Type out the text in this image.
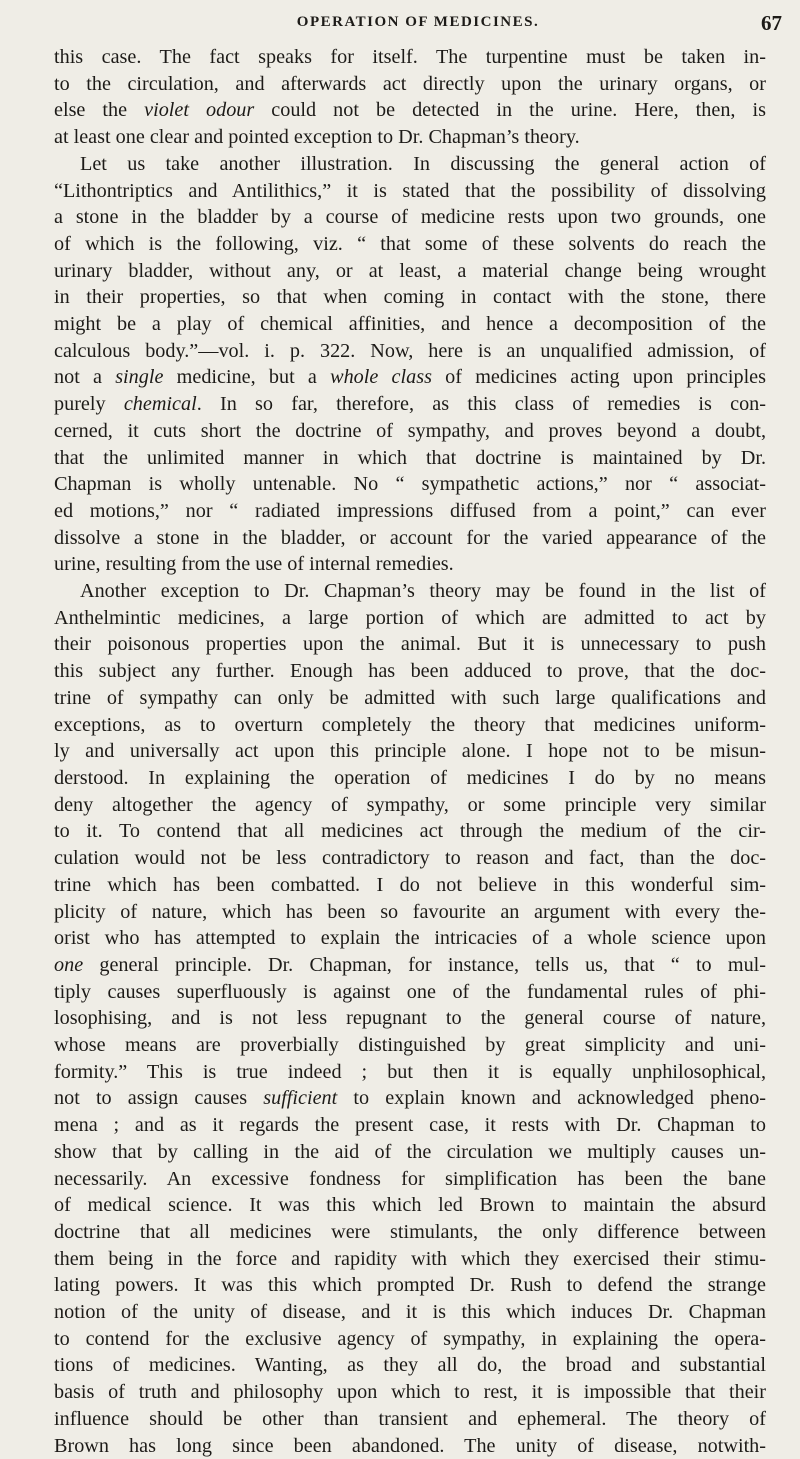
OPERATION OF MEDICINES.	67
this case. The fact speaks for itself. The turpentine must be taken in-
to the circulation, and afterwards act directly upon the urinary organs, or
else the violet odour could not be detected in the urine. Here, then, is
at least one clear and pointed exception to Dr. Chapman’s theory.
Let us take another illustration. In discussing the general action of
“Lithontriptics and Antilithics,” it is stated that the possibility of dissolving
a stone in the bladder by a course of medicine rests upon two grounds, one
of which is the following, viz. “ that some of these solvents do reach the
urinary bladder, without any, or at least, a material change being wrought
in their properties, so that when coming in contact with the stone, there
might be a play of chemical affinities, and hence a decomposition of the
calculous body.”—vol. i. p. 322. Now, here is an unqualified admission, of
not a single medicine, but a whole class of medicines acting upon principles
purely chemical. In so far, therefore, as this class of remedies is con-
cerned, it cuts short the doctrine of sympathy, and proves beyond a doubt,
that the unlimited manner in which that doctrine is maintained by Dr.
Chapman is wholly untenable. No “ sympathetic actions,” nor “ associat-
ed motions,” nor “ radiated impressions diffused from a point,” can ever
dissolve a stone in the bladder, or account for the varied appearance of the
urine, resulting from the use of internal remedies.
Another exception to Dr. Chapman’s theory may be found in the list of
Anthelmintic medicines, a large portion of which are admitted to act by
their poisonous properties upon the animal. But it is unnecessary to push
this subject any further. Enough has been adduced to prove, that the doc-
trine of sympathy can only be admitted with such large qualifications and
exceptions, as to overturn completely the theory that medicines uniform-
ly and universally act upon this principle alone. I hope not to be misun-
derstood. In explaining the operation of medicines I do by no means
deny altogether the agency of sympathy, or some principle very similar
to it. To contend that all medicines act through the medium of the cir-
culation would not be less contradictory to reason and fact, than the doc-
trine which has been combatted. I do not believe in this wonderful sim-
plicity of nature, which has been so favourite an argument with every the-
orist who has attempted to explain the intricacies of a whole science upon
one general principle. Dr. Chapman, for instance, tells us, that “ to mul-
tiply causes superfluously is against one of the fundamental rules of phi-
losophising, and is not less repugnant to the general course of nature,
whose means are proverbially distinguished by great simplicity and uni-
formity.” This is true indeed ; but then it is equally unphilosophical,
not to assign causes sufficient to explain known and acknowledged pheno-
mena ; and as it regards the present case, it rests with Dr. Chapman to
show that by calling in the aid of the circulation we multiply causes un-
necessarily. An excessive fondness for simplification has been the bane
of medical science. It was this which led Brown to maintain the absurd
doctrine that all medicines were stimulants, the only difference between
them being in the force and rapidity with which they exercised their stimu-
lating powers. It was this which prompted Dr. Rush to defend the strange
notion of the unity of disease, and it is this which induces Dr. Chapman
to contend for the exclusive agency of sympathy, in explaining the opera-
tions of medicines. Wanting, as they all do, the broad and substantial
basis of truth and philosophy upon which to rest, it is impossible that their
influence should be other than transient and ephemeral. The theory of
Brown has long since been abandoned. The unity of disease, notwith-
